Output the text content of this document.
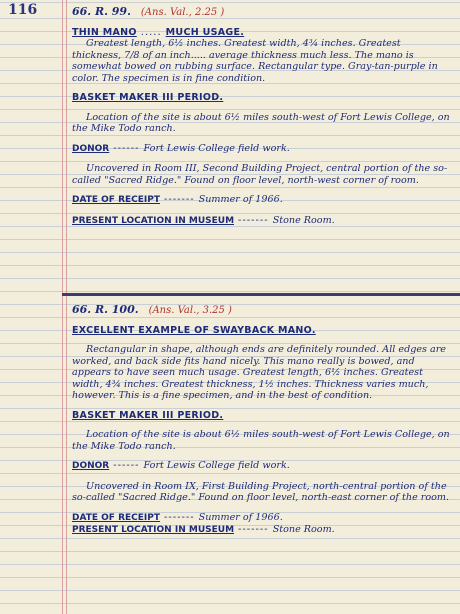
116	66. R. 99. (Ans. Val., 2.25 )
THIN MANO ..... MUCH USAGE.
Greatest length, 6½ inches. Greatest width, 4¾ inches. Greatest thickness, 7/8 of an inch..... average thickness much less. The mano is somewhat bowed on rubbing surface. Rectangular type. Gray-tan-purple in color. The specimen is in fine condition.
BASKET MAKER III PERIOD.
Location of the site is about 6½ miles south-west of Fort Lewis College, on the Mike Todo ranch.
DONOR ------ Fort Lewis College field work.
Uncovered in Room III, Second Building Project, central portion of the so-called "Sacred Ridge." Found on floor level, north-west corner of room.
DATE OF RECEIPT ------- Summer of 1966.
PRESENT LOCATION IN MUSEUM ------- Stone Room.
66. R. 100. (Ans. Val., 3.25 )
EXCELLENT EXAMPLE OF SWAYBACK MANO.
Rectangular in shape, although ends are definitely rounded. All edges are worked, and back side fits hand nicely. This mano really is bowed, and appears to have seen much usage. Greatest length, 6½ inches. Greatest width, 4¾ inches. Greatest thickness, 1½ inches. Thickness varies much, however. This is a fine specimen, and in the best of condition.
BASKET MAKER III PERIOD.
Location of the site is about 6½ miles south-west of Fort Lewis College, on the Mike Todo ranch.
DONOR ------ Fort Lewis College field work.
Uncovered in Room IX, First Building Project, north-central portion of the so-called "Sacred Ridge." Found on floor level, north-east corner of the room.
DATE OF RECEIPT ------- Summer of 1966.
PRESENT LOCATION IN MUSEUM ------- Stone Room.
